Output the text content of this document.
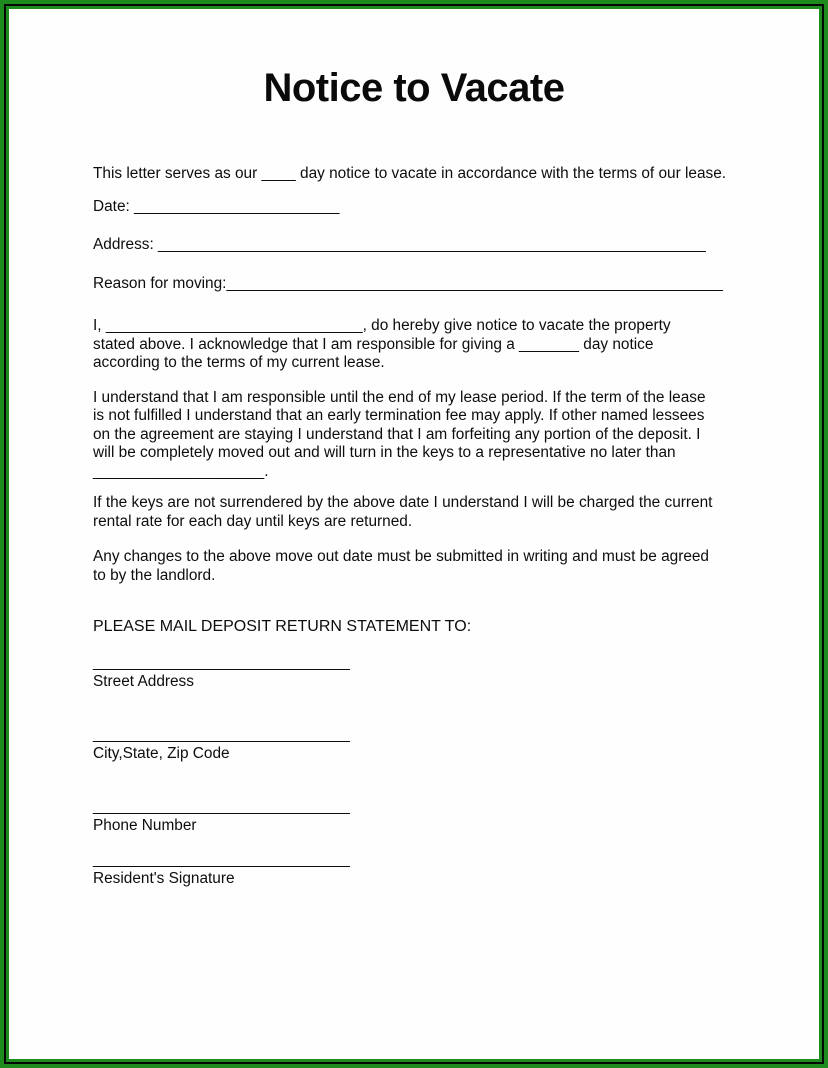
Notice to Vacate
This letter serves as our ____ day notice to vacate in accordance with the terms of our lease.
Date: ________________________
Address: ________________________________________________________________
Reason for moving:__________________________________________________________
I, ______________________________, do hereby give notice to vacate the property
stated above. I acknowledge that I am responsible for giving a _______ day notice
according to the terms of my current lease.
I understand that I am responsible until the end of my lease period. If the term of the lease
is not fulfilled I understand that an early termination fee may apply. If other named lessees
on the agreement are staying I understand that I am forfeiting any portion of the deposit. I
will be completely moved out and will turn in the keys to a representative no later than
____________________.
If the keys are not surrendered by the above date I understand I will be charged the current
rental rate for each day until keys are returned.
Any changes to the above move out date must be submitted in writing and must be agreed
to by the landlord.
PLEASE MAIL DEPOSIT RETURN STATEMENT TO:
______________________________
Street Address
______________________________
City,State, Zip Code
______________________________
Phone Number
______________________________
Resident's Signature
